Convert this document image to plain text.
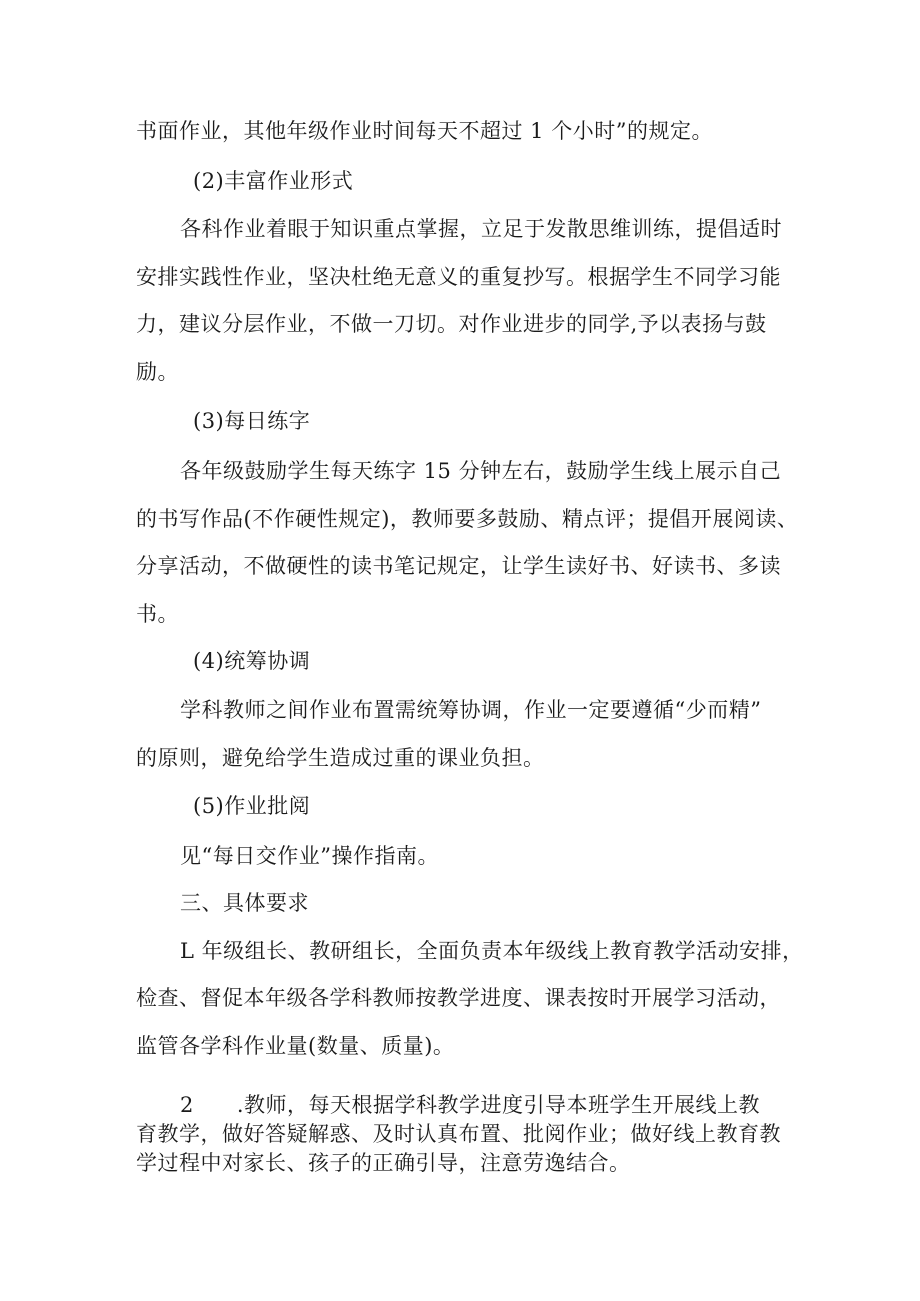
书面作业，其他年级作业时间每天不超过 1 个小时”的规定。
(2)丰富作业形式
各科作业着眼于知识重点掌握，立足于发散思维训练，提倡适时
安排实践性作业，坚决杜绝无意义的重复抄写。根据学生不同学习能
力，建议分层作业，不做一刀切。对作业进步的同学,予以表扬与鼓
励。
(3)每日练字
各年级鼓励学生每天练字 15 分钟左右，鼓励学生线上展示自己
的书写作品(不作硬性规定)，教师要多鼓励、精点评；提倡开展阅读、
分享活动，不做硬性的读书笔记规定，让学生读好书、好读书、多读
书。
(4)统筹协调
学科教师之间作业布置需统筹协调，作业一定要遵循“少而精”
的原则，避免给学生造成过重的课业负担。
(5)作业批阅
见“每日交作业”操作指南。
三、具体要求
L 年级组长、教研组长，全面负责本年级线上教育教学活动安排，
检查、督促本年级各学科教师按教学进度、课表按时开展学习活动，
监管各学科作业量(数量、质量)。
2　　.教师，每天根据学科教学进度引导本班学生开展线上教
育教学，做好答疑解惑、及时认真布置、批阅作业；做好线上教育教
学过程中对家长、孩子的正确引导，注意劳逸结合。
